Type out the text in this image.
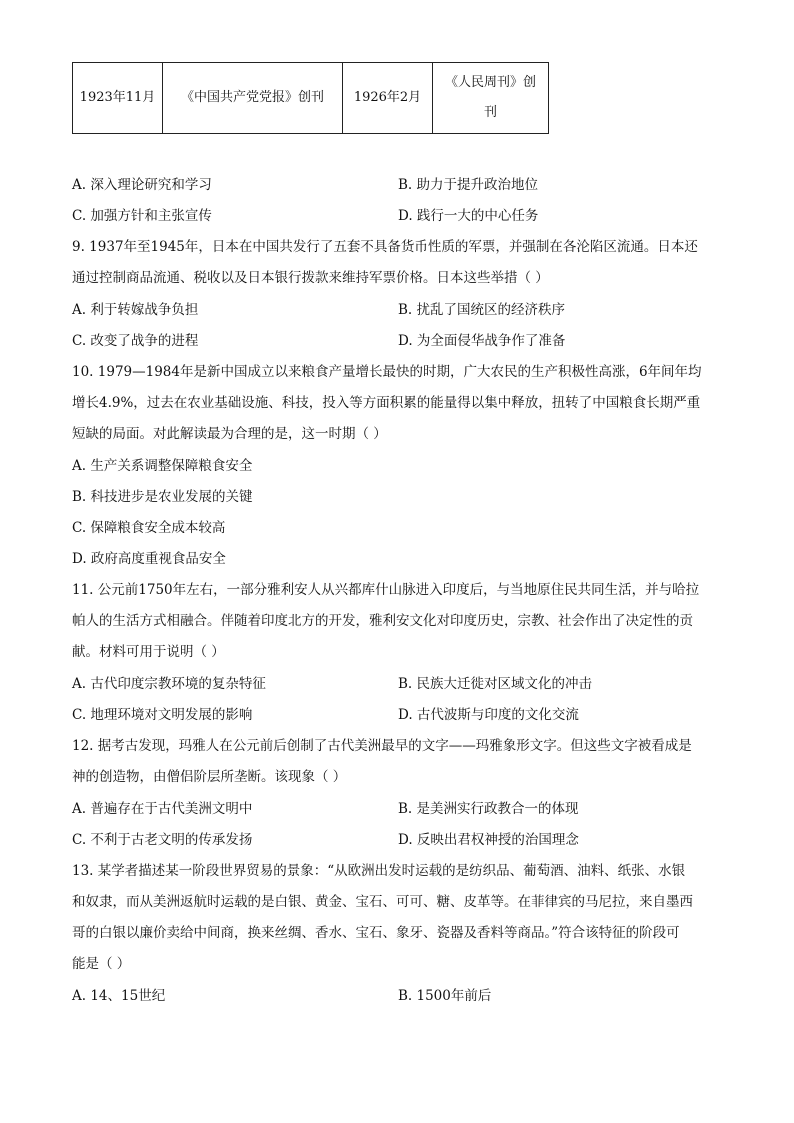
1923年11月	《中国共产党党报》创刊	1926年2月	《人民周刊》创刊
A. 深入理论研究和学习	B. 助力于提升政治地位
C. 加强方针和主张宣传	D. 践行一大的中心任务
9. 1937年至1945年，日本在中国共发行了五套不具备货币性质的军票，并强制在各沦陷区流通。日本还
通过控制商品流通、税收以及日本银行拨款来维持军票价格。日本这些举措（ ）
A. 利于转嫁战争负担	B. 扰乱了国统区的经济秩序
C. 改变了战争的进程	D. 为全面侵华战争作了准备
10. 1979—1984年是新中国成立以来粮食产量增长最快的时期，广大农民的生产积极性高涨，6年间年均
增长4.9%，过去在农业基础设施、科技，投入等方面积累的能量得以集中释放，扭转了中国粮食长期严重
短缺的局面。对此解读最为合理的是，这一时期（ ）
A. 生产关系调整保障粮食安全
B. 科技进步是农业发展的关键
C. 保障粮食安全成本较高
D. 政府高度重视食品安全
11. 公元前1750年左右，一部分雅利安人从兴都库什山脉进入印度后，与当地原住民共同生活，并与哈拉
帕人的生活方式相融合。伴随着印度北方的开发，雅利安文化对印度历史，宗教、社会作出了决定性的贡
献。材料可用于说明（ ）
A. 古代印度宗教环境的复杂特征	B. 民族大迁徙对区域文化的冲击
C. 地理环境对文明发展的影响	D. 古代波斯与印度的文化交流
12. 据考古发现，玛雅人在公元前后创制了古代美洲最早的文字——玛雅象形文字。但这些文字被看成是
神的创造物，由僧侣阶层所垄断。该现象（ ）
A. 普遍存在于古代美洲文明中	B. 是美洲实行政教合一的体现
C. 不利于古老文明的传承发扬	D. 反映出君权神授的治国理念
13. 某学者描述某一阶段世界贸易的景象：“从欧洲出发时运载的是纺织品、葡萄酒、油料、纸张、水银
和奴隶，而从美洲返航时运载的是白银、黄金、宝石、可可、糖、皮革等。在菲律宾的马尼拉，来自墨西
哥的白银以廉价卖给中间商，换来丝绸、香水、宝石、象牙、瓷器及香料等商品。”符合该特征的阶段可
能是（ ）
A. 14、15世纪	B. 1500年前后
